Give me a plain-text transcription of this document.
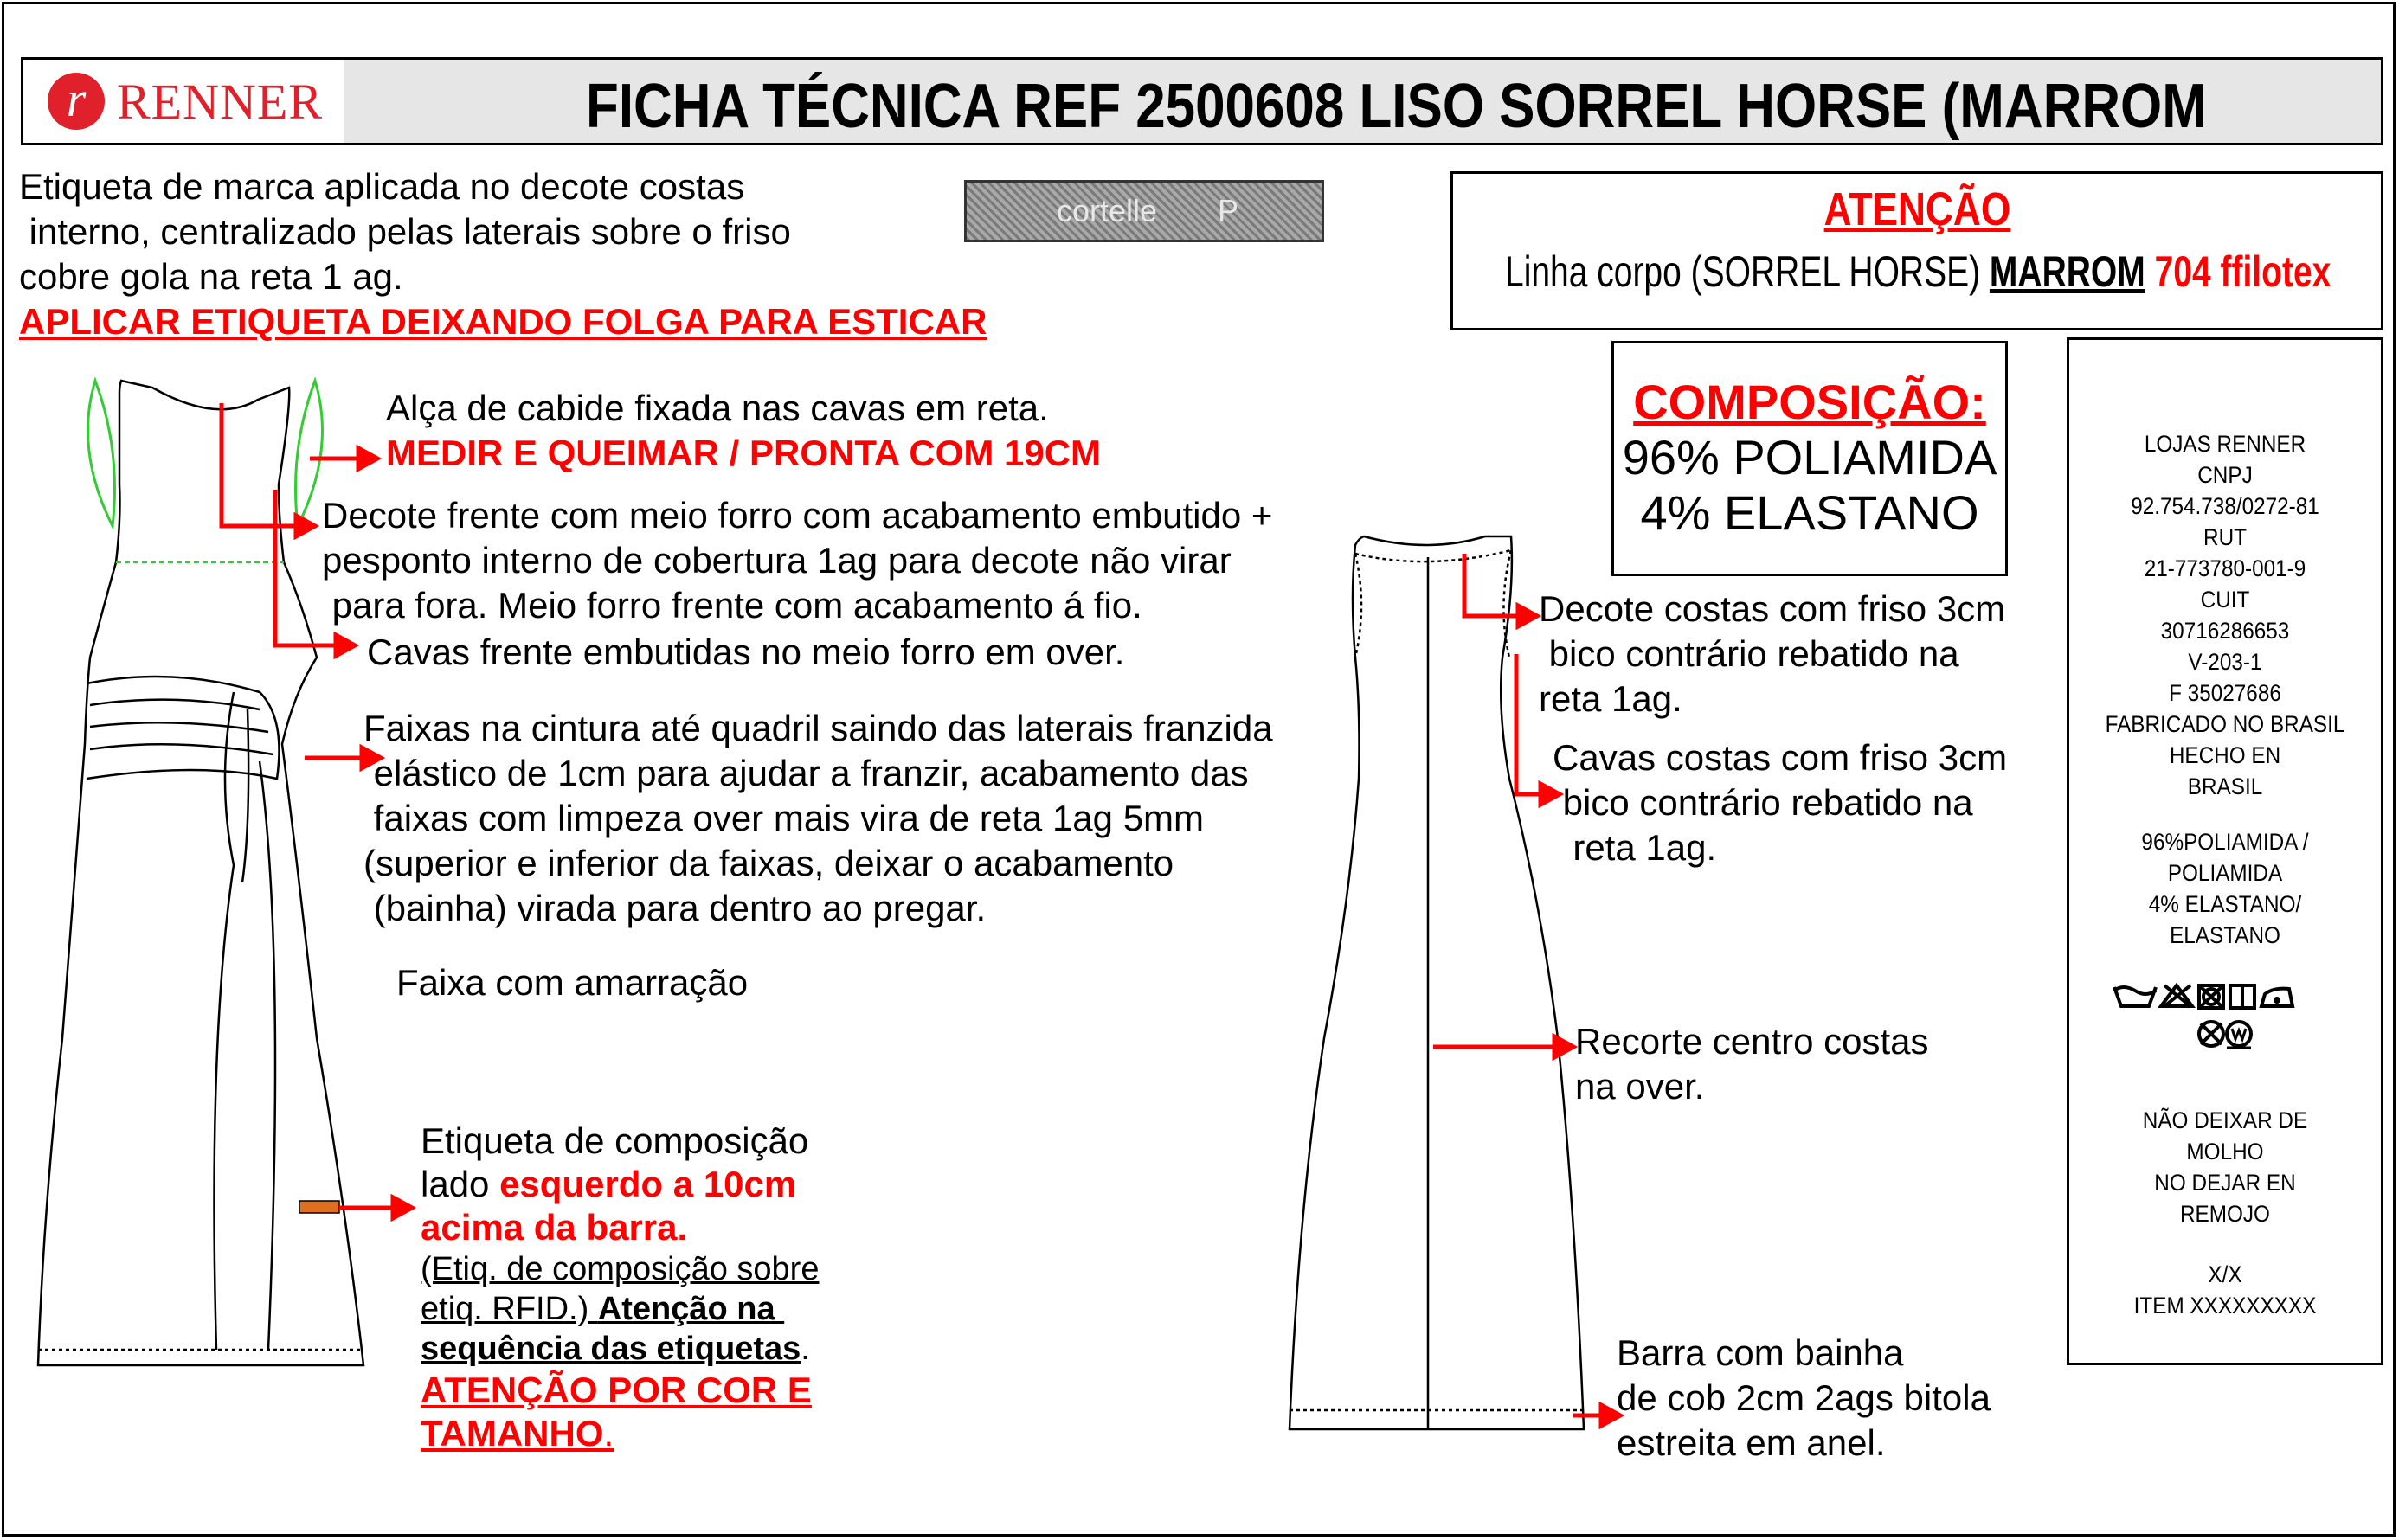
r RENNER	FICHA TÉCNICA REF 2500608 LISO SORREL HORSE (MARROM
Etiqueta de marca aplicada no decote costas
interno, centralizado pelas laterais sobre o friso
cobre gola na reta 1 ag.
APLICAR ETIQUETA DEIXANDO FOLGA PARA ESTICAR
cortelle P	ATENÇÃO
Linha corpo (SORREL HORSE) MARROM 704 ffilotex
COMPOSIÇÃO:
96% POLIAMIDA
4% ELASTANO
LOJAS RENNER
CNPJ
92.754.738/0272-81
RUT
21-773780-001-9
CUIT
30716286653
V-203-1
F 35027686
FABRICADO NO BRASIL
HECHO EN
BRASIL
96%POLIAMIDA /
POLIAMIDA
4% ELASTANO/
ELASTANO
NÃO DEIXAR DE
MOLHO
NO DEJAR EN
REMOJO
X/X
ITEM XXXXXXXXX
Alça de cabide fixada nas cavas em reta.
MEDIR E QUEIMAR / PRONTA COM 19CM
Decote frente com meio forro com acabamento embutido +
pesponto interno de cobertura 1ag para decote não virar
para fora. Meio forro frente com acabamento á fio.
Cavas frente embutidas no meio forro em over.
Faixas na cintura até quadril saindo das laterais franzida
elástico de 1cm para ajudar a franzir, acabamento das
faixas com limpeza over mais vira de reta 1ag 5mm
(superior e inferior da faixas, deixar o acabamento
(bainha) virada para dentro ao pregar.
Faixa com amarração
Etiqueta de composição
lado esquerdo a 10cm
acima da barra.
(Etiq. de composição sobre
etiq. RFID.) Atenção na
sequência das etiquetas.
ATENÇÃO POR COR E
TAMANHO.
Decote costas com friso 3cm
bico contrário rebatido na
reta 1ag.
Cavas costas com friso 3cm
bico contrário rebatido na
reta 1ag.
Recorte centro costas
na over.
Barra com bainha
de cob 2cm 2ags bitola
estreita em anel.
